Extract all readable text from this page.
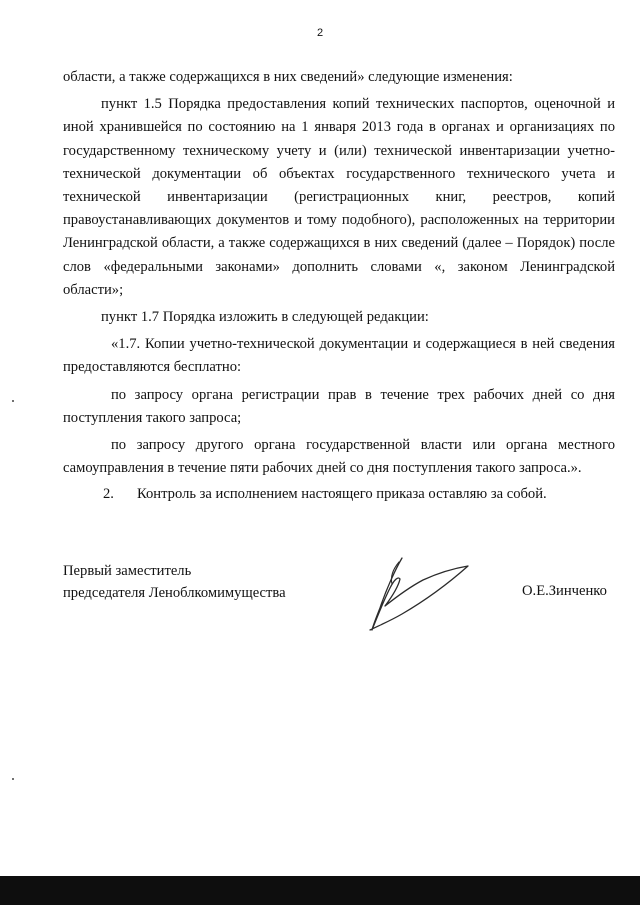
2

области, а также содержащихся в них сведений» следующие изменения:

пункт 1.5 Порядка предоставления копий технических паспортов, оценочной и иной хранившейся по состоянию на 1 января 2013 года в органах и организациях по государственному техническому учету и (или) технической инвентаризации учетно-технической документации об объектах государственного технического учета и технической инвентаризации (регистрационных книг, реестров, копий правоустанавливающих документов и тому подобного), расположенных на территории Ленинградской области, а также содержащихся в них сведений (далее – Порядок) после слов «федеральными законами» дополнить словами «, законом Ленинградской области»;

пункт 1.7 Порядка изложить в следующей редакции:

«1.7. Копии учетно-технической документации и содержащиеся в ней сведения предоставляются бесплатно:

по запросу органа регистрации прав в течение трех рабочих дней со дня поступления такого запроса;

по запросу другого органа государственной власти или органа местного самоуправления в течение пяти рабочих дней со дня поступления такого запроса.».

2. Контроль за исполнением настоящего приказа оставляю за собой.

Первый заместитель
председателя Леноблкомимущества	О.Е.Зинченко
